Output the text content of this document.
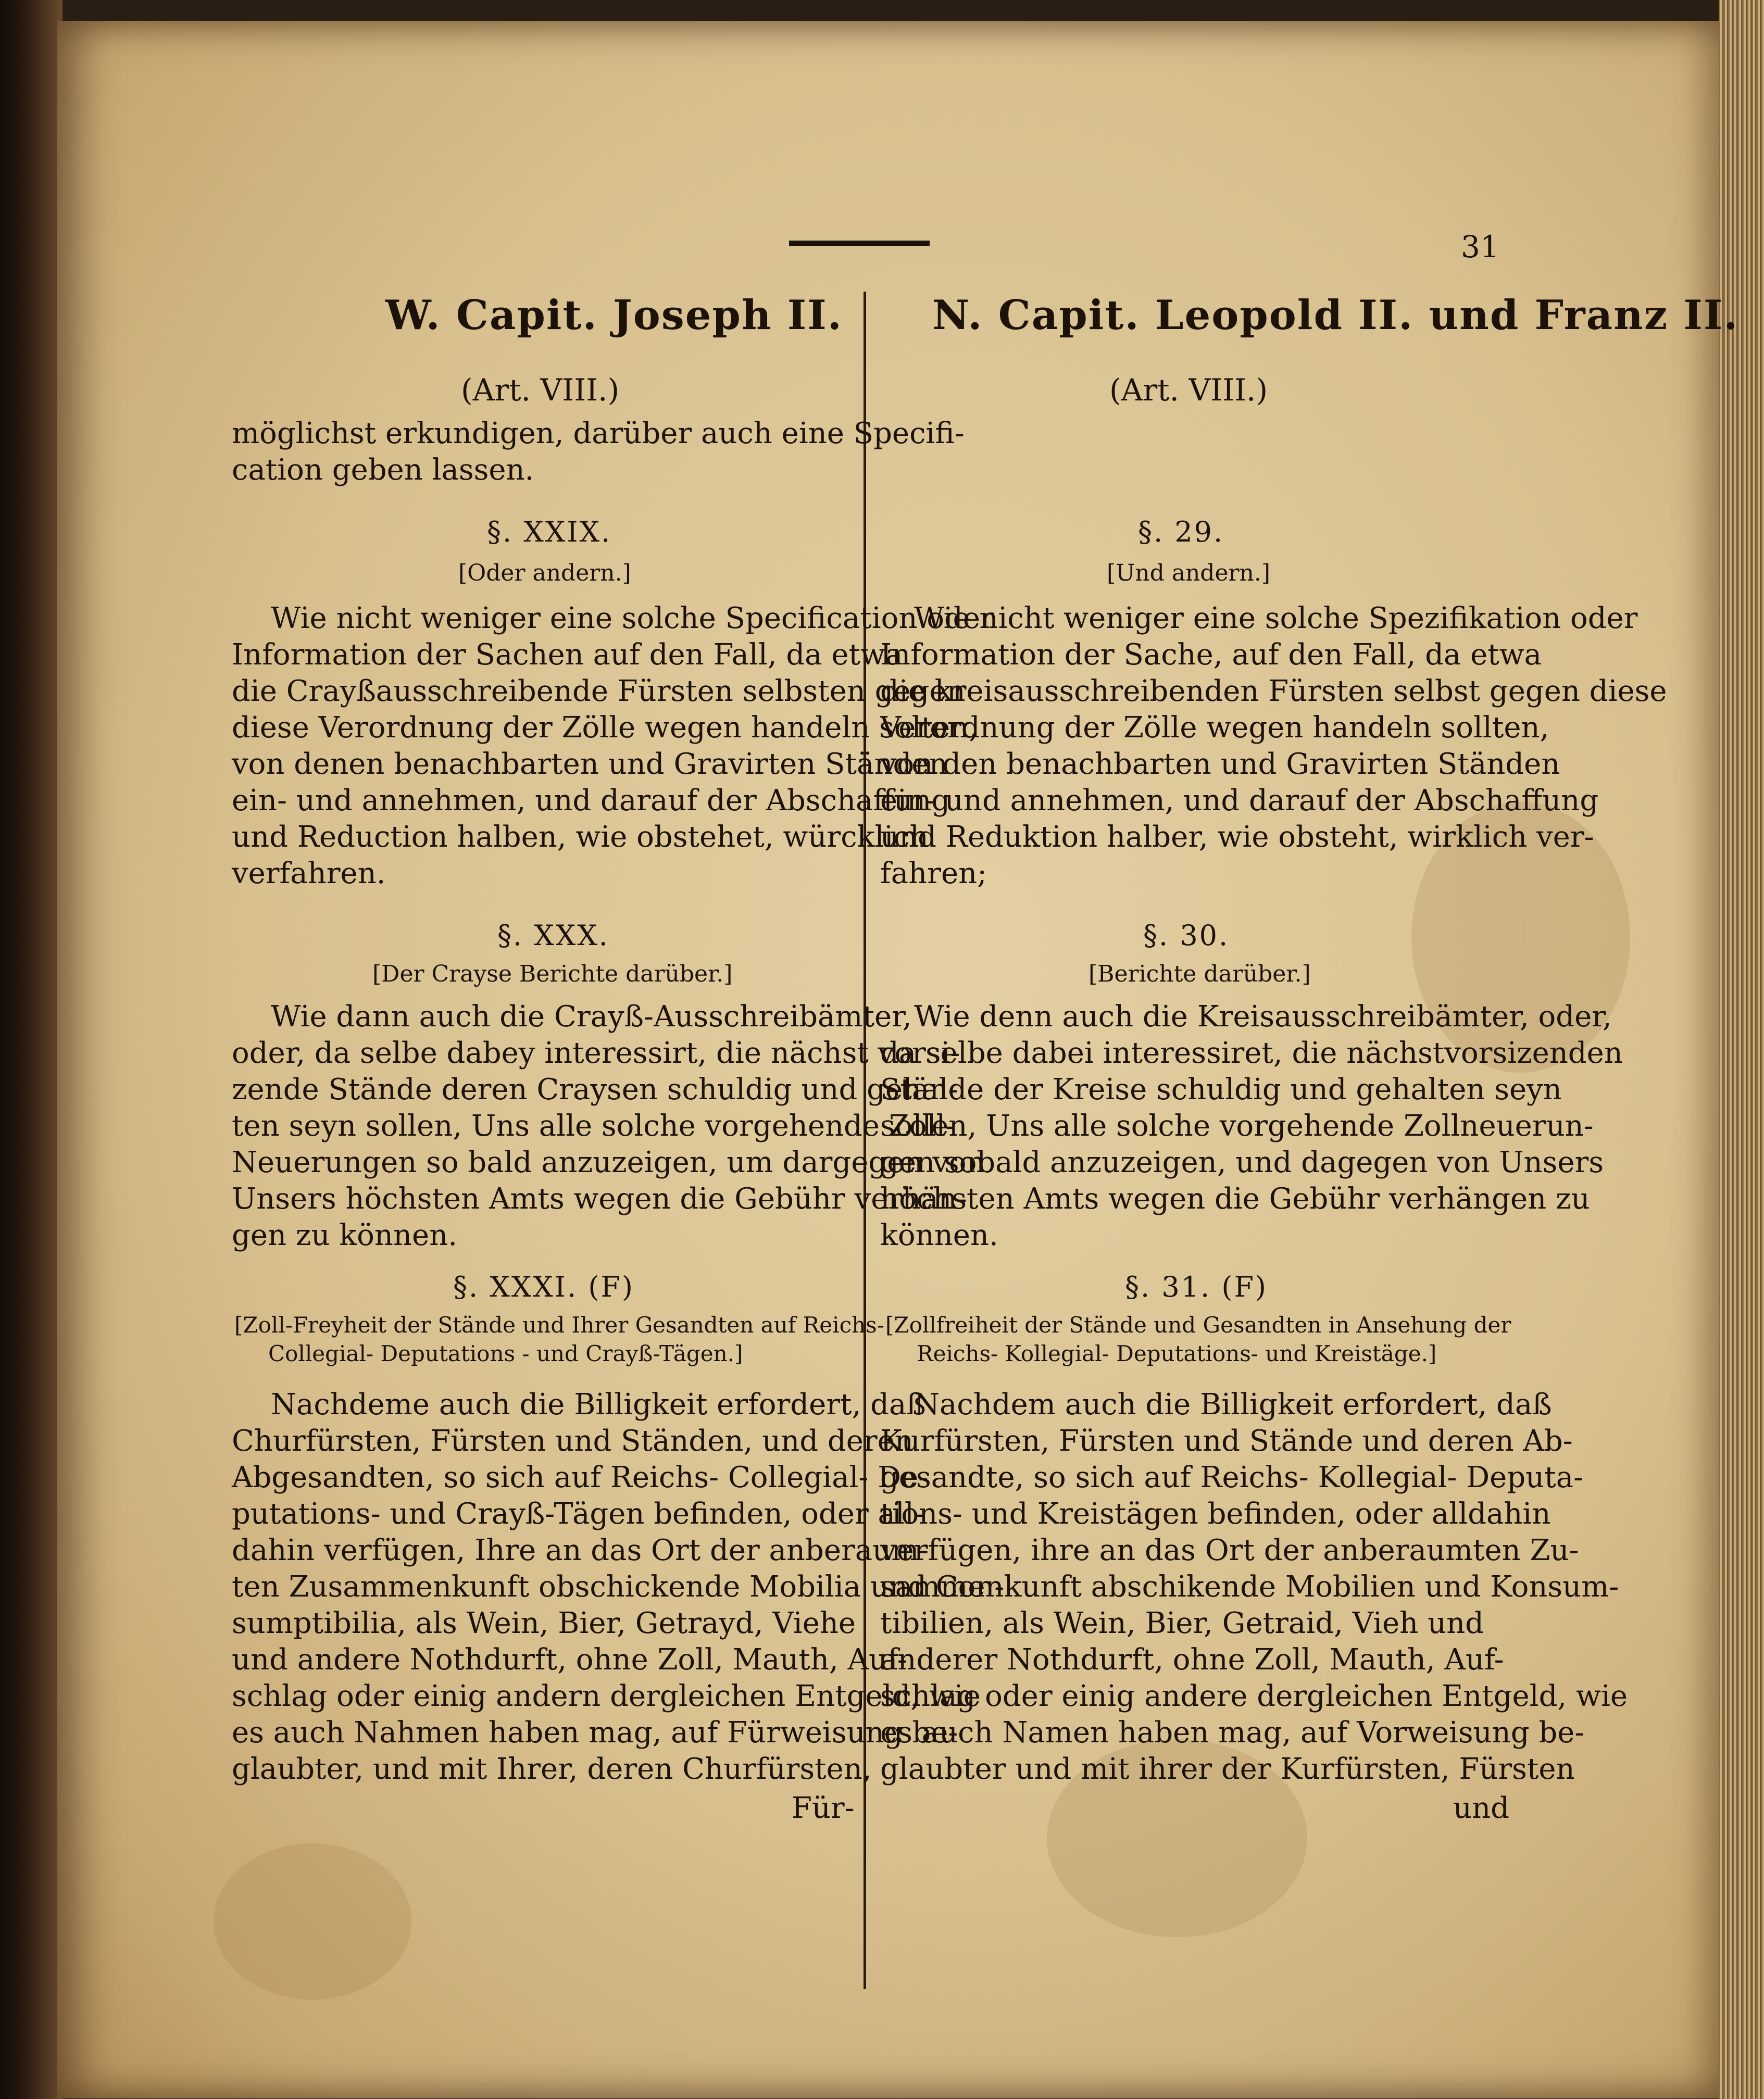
31
W. Capit. Joseph II.
(Art. VIII.)
möglichst erkundigen, darüber auch eine Specifi-
cation geben lassen.
§. XXIX.
[Oder andern.]
Wie nicht weniger eine solche Specification oder
Information der Sachen auf den Fall, da etwa
die Crayßausschreibende Fürsten selbsten gegen
diese Verordnung der Zölle wegen handeln solten,
von denen benachbarten und Gravirten Ständen
ein- und annehmen, und darauf der Abschaffung
und Reduction halben, wie obstehet, würcklich
verfahren.
§. XXX.
[Der Crayse Berichte darüber.]
Wie dann auch die Crayß-Ausschreibämter,
oder, da selbe dabey interessirt, die nächst vorsi-
zende Stände deren Craysen schuldig und gehal-
ten seyn sollen, Uns alle solche vorgehende Zoll-
Neuerungen so bald anzuzeigen, um dargegen von
Unsers höchsten Amts wegen die Gebühr verhän-
gen zu können.
§. XXXI. (F)
[Zoll-Freyheit der Stände und Ihrer Gesandten auf Reichs-
Collegial- Deputations - und Crayß-Tägen.]
Nachdeme auch die Billigkeit erfordert, daß
Churfürsten, Fürsten und Ständen, und deren
Abgesandten, so sich auf Reichs- Collegial- De-
putations- und Crayß-Tägen befinden, oder all-
dahin verfügen, Ihre an das Ort der anberaum-
ten Zusammenkunft obschickende Mobilia und Con-
sumptibilia, als Wein, Bier, Getrayd, Viehe
und andere Nothdurft, ohne Zoll, Mauth, Auf-
schlag oder einig andern dergleichen Entgeld, wie
es auch Nahmen haben mag, auf Fürweisung be-
glaubter, und mit Ihrer, deren Churfürsten,
Für-
N. Capit. Leopold II. und Franz II.
(Art. VIII.)
§. 29.
[Und andern.]
Wie nicht weniger eine solche Spezifikation oder
Information der Sache, auf den Fall, da etwa
die kreisausschreibenden Fürsten selbst gegen diese
Verordnung der Zölle wegen handeln sollten,
von den benachbarten und Gravirten Ständen
ein- und annehmen, und darauf der Abschaffung
und Reduktion halber, wie obsteht, wirklich ver-
fahren;
§. 30.
[Berichte darüber.]
Wie denn auch die Kreisausschreibämter, oder,
da selbe dabei interessiret, die nächstvorsizenden
Stände der Kreise schuldig und gehalten seyn
sollen, Uns alle solche vorgehende Zollneuerun-
gen sobald anzuzeigen, und dagegen von Unsers
höchsten Amts wegen die Gebühr verhängen zu
können.
§. 31. (F)
[Zollfreiheit der Stände und Gesandten in Ansehung der
Reichs- Kollegial- Deputations- und Kreistäge.]
Nachdem auch die Billigkeit erfordert, daß
Kurfürsten, Fürsten und Stände und deren Ab-
gesandte, so sich auf Reichs- Kollegial- Deputa-
tions- und Kreistägen befinden, oder alldahin
verfügen, ihre an das Ort der anberaumten Zu-
sammenkunft abschikende Mobilien und Konsum-
tibilien, als Wein, Bier, Getraid, Vieh und
anderer Nothdurft, ohne Zoll, Mauth, Auf-
schlag oder einig andere dergleichen Entgeld, wie
es auch Namen haben mag, auf Vorweisung be-
glaubter und mit ihrer der Kurfürsten, Fürsten
und
